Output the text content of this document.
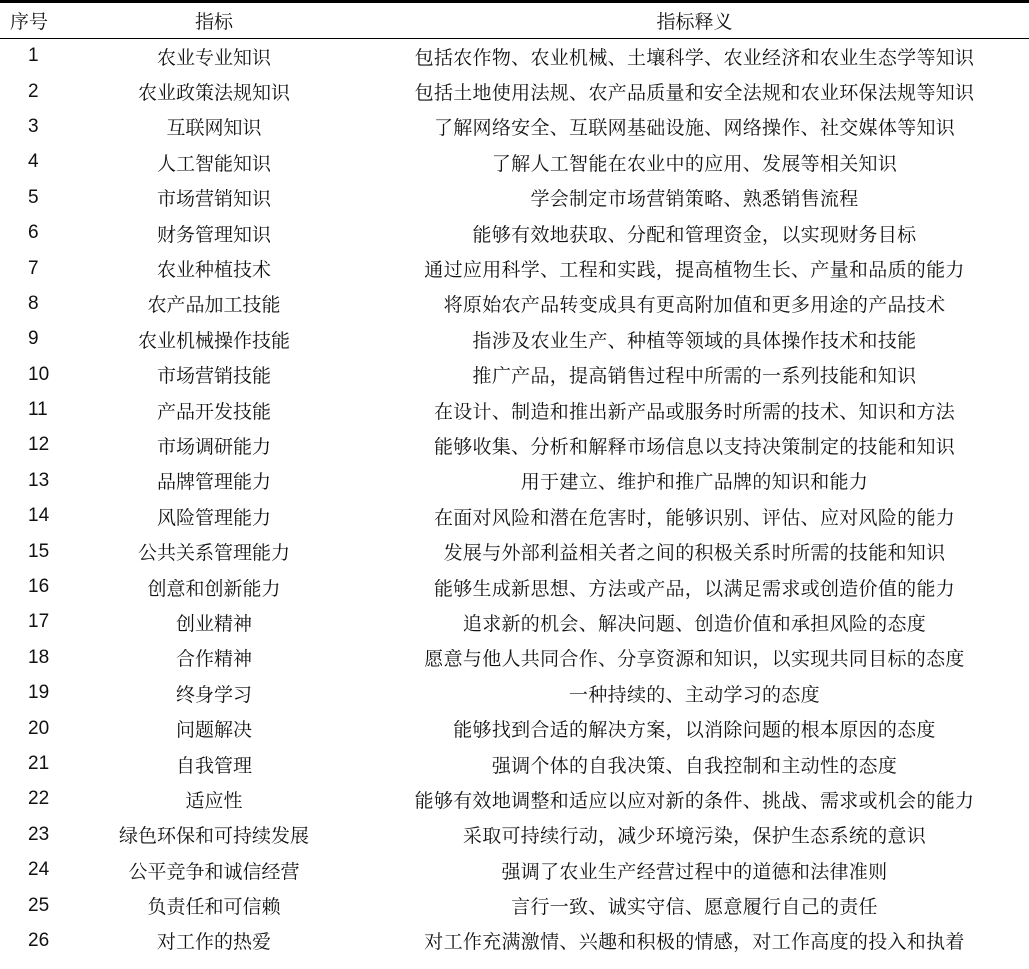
序号	指标	指标释义
1	农业专业知识	包括农作物、农业机械、土壤科学、农业经济和农业生态学等知识
2	农业政策法规知识	包括土地使用法规、农产品质量和安全法规和农业环保法规等知识
3	互联网知识	了解网络安全、互联网基础设施、网络操作、社交媒体等知识
4	人工智能知识	了解人工智能在农业中的应用、发展等相关知识
5	市场营销知识	学会制定市场营销策略、熟悉销售流程
6	财务管理知识	能够有效地获取、分配和管理资金，以实现财务目标
7	农业种植技术	通过应用科学、工程和实践，提高植物生长、产量和品质的能力
8	农产品加工技能	将原始农产品转变成具有更高附加值和更多用途的产品技术
9	农业机械操作技能	指涉及农业生产、种植等领域的具体操作技术和技能
10	市场营销技能	推广产品，提高销售过程中所需的一系列技能和知识
11	产品开发技能	在设计、制造和推出新产品或服务时所需的技术、知识和方法
12	市场调研能力	能够收集、分析和解释市场信息以支持决策制定的技能和知识
13	品牌管理能力	用于建立、维护和推广品牌的知识和能力
14	风险管理能力	在面对风险和潜在危害时，能够识别、评估、应对风险的能力
15	公共关系管理能力	发展与外部利益相关者之间的积极关系时所需的技能和知识
16	创意和创新能力	能够生成新思想、方法或产品，以满足需求或创造价值的能力
17	创业精神	追求新的机会、解决问题、创造价值和承担风险的态度
18	合作精神	愿意与他人共同合作、分享资源和知识，以实现共同目标的态度
19	终身学习	一种持续的、主动学习的态度
20	问题解决	能够找到合适的解决方案，以消除问题的根本原因的态度
21	自我管理	强调个体的自我决策、自我控制和主动性的态度
22	适应性	能够有效地调整和适应以应对新的条件、挑战、需求或机会的能力
23	绿色环保和可持续发展	采取可持续行动，减少环境污染，保护生态系统的意识
24	公平竞争和诚信经营	强调了农业生产经营过程中的道德和法律准则
25	负责任和可信赖	言行一致、诚实守信、愿意履行自己的责任
26	对工作的热爱	对工作充满激情、兴趣和积极的情感，对工作高度的投入和执着
